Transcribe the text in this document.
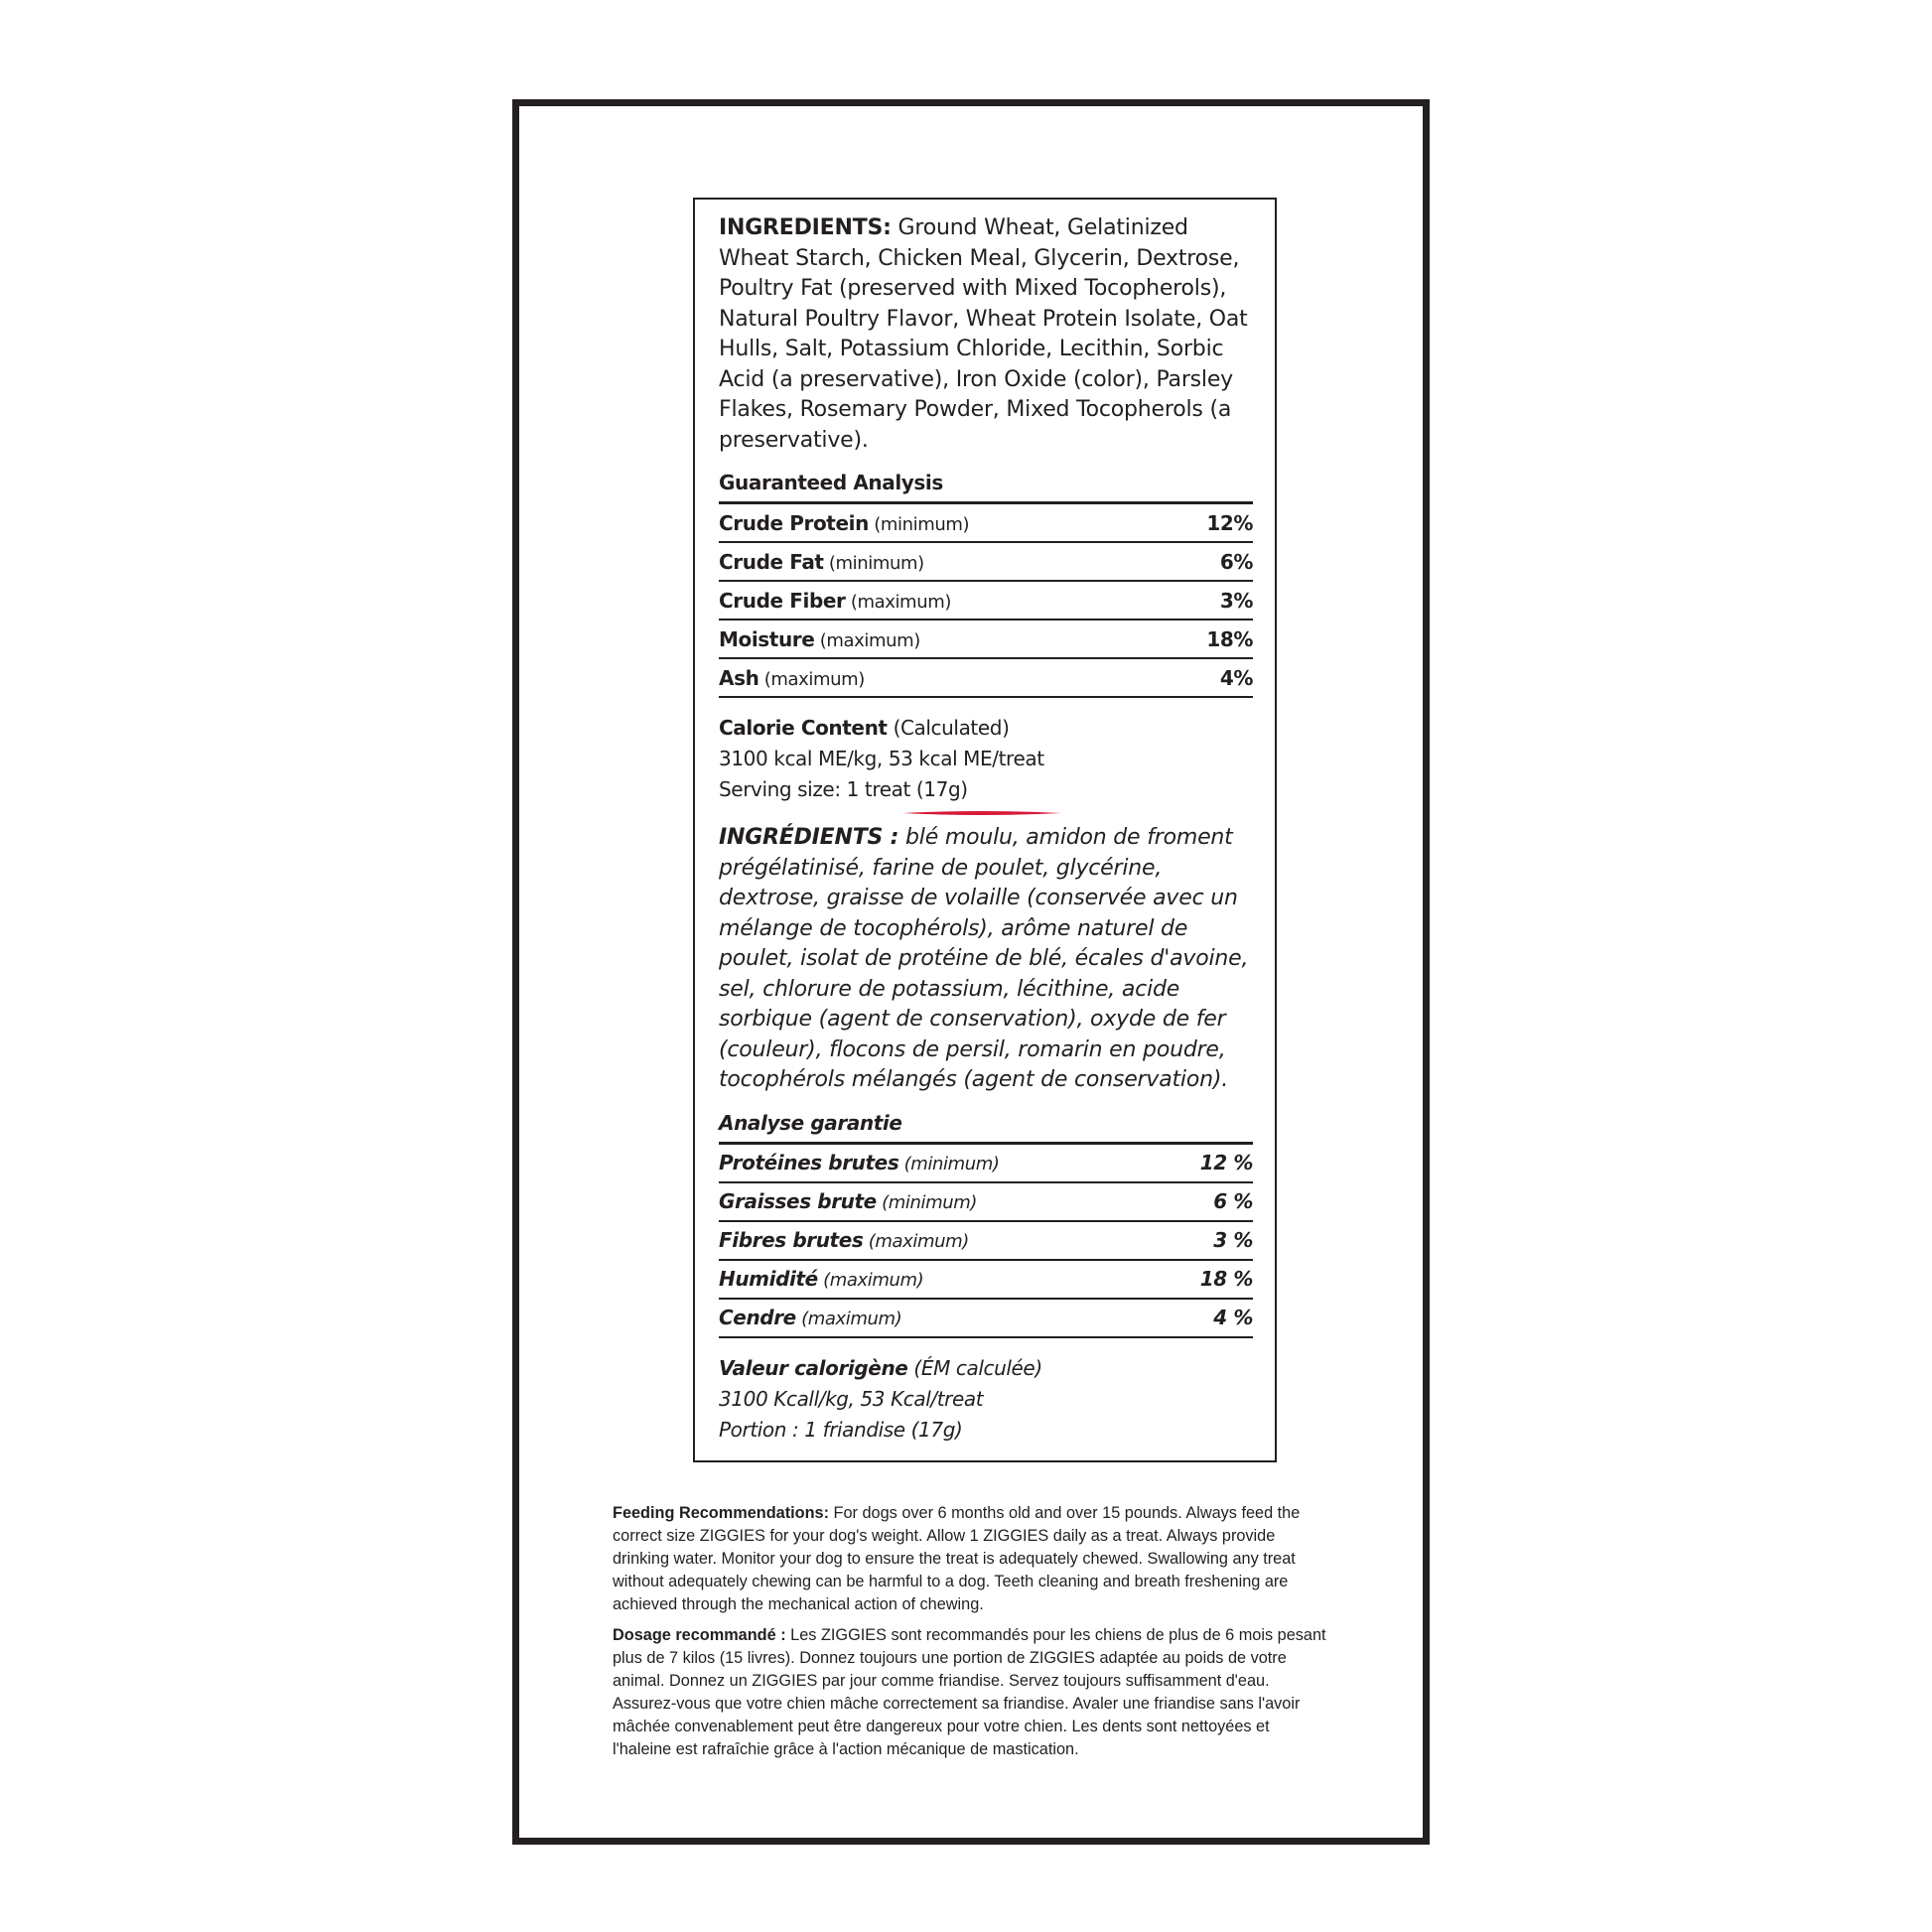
INGREDIENTS: Ground Wheat, Gelatinized Wheat Starch, Chicken Meal, Glycerin, Dextrose, Poultry Fat (preserved with Mixed Tocopherols), Natural Poultry Flavor, Wheat Protein Isolate, Oat Hulls, Salt, Potassium Chloride, Lecithin, Sorbic Acid (a preservative), Iron Oxide (color), Parsley Flakes, Rosemary Powder, Mixed Tocopherols (a preservative).

Guaranteed Analysis
Crude Protein (minimum)	12%
Crude Fat (minimum)	6%
Crude Fiber (maximum)	3%
Moisture (maximum)	18%
Ash (maximum)	4%
Calorie Content (Calculated)
3100 kcal ME/kg, 53 kcal ME/treat
Serving size: 1 treat (17g)

INGRÉDIENTS : blé moulu, amidon de froment prégélatinisé, farine de poulet, glycérine, dextrose, graisse de volaille (conservée avec un mélange de tocophérols), arôme naturel de poulet, isolat de protéine de blé, écales d'avoine, sel, chlorure de potassium, lécithine, acide sorbique (agent de conservation), oxyde de fer (couleur), flocons de persil, romarin en poudre, tocophérols mélangés (agent de conservation).

Analyse garantie
Protéines brutes (minimum)	12 %
Graisses brute (minimum)	6 %
Fibres brutes (maximum)	3 %
Humidité (maximum)	18 %
Cendre (maximum)	4 %
Valeur calorigène (ÉM calculée)
3100 Kcall/kg, 53 Kcal/treat
Portion : 1 friandise (17g)

Feeding Recommendations: For dogs over 6 months old and over 15 pounds. Always feed the correct size ZIGGIES for your dog's weight. Allow 1 ZIGGIES daily as a treat. Always provide drinking water. Monitor your dog to ensure the treat is adequately chewed. Swallowing any treat without adequately chewing can be harmful to a dog. Teeth cleaning and breath freshening are achieved through the mechanical action of chewing.

Dosage recommandé : Les ZIGGIES sont recommandés pour les chiens de plus de 6 mois pesant plus de 7 kilos (15 livres). Donnez toujours une portion de ZIGGIES adaptée au poids de votre animal. Donnez un ZIGGIES par jour comme friandise. Servez toujours suffisamment d'eau. Assurez-vous que votre chien mâche correctement sa friandise. Avaler une friandise sans l'avoir mâchée convenablement peut être dangereux pour votre chien. Les dents sont nettoyées et l'haleine est rafraîchie grâce à l'action mécanique de mastication.
